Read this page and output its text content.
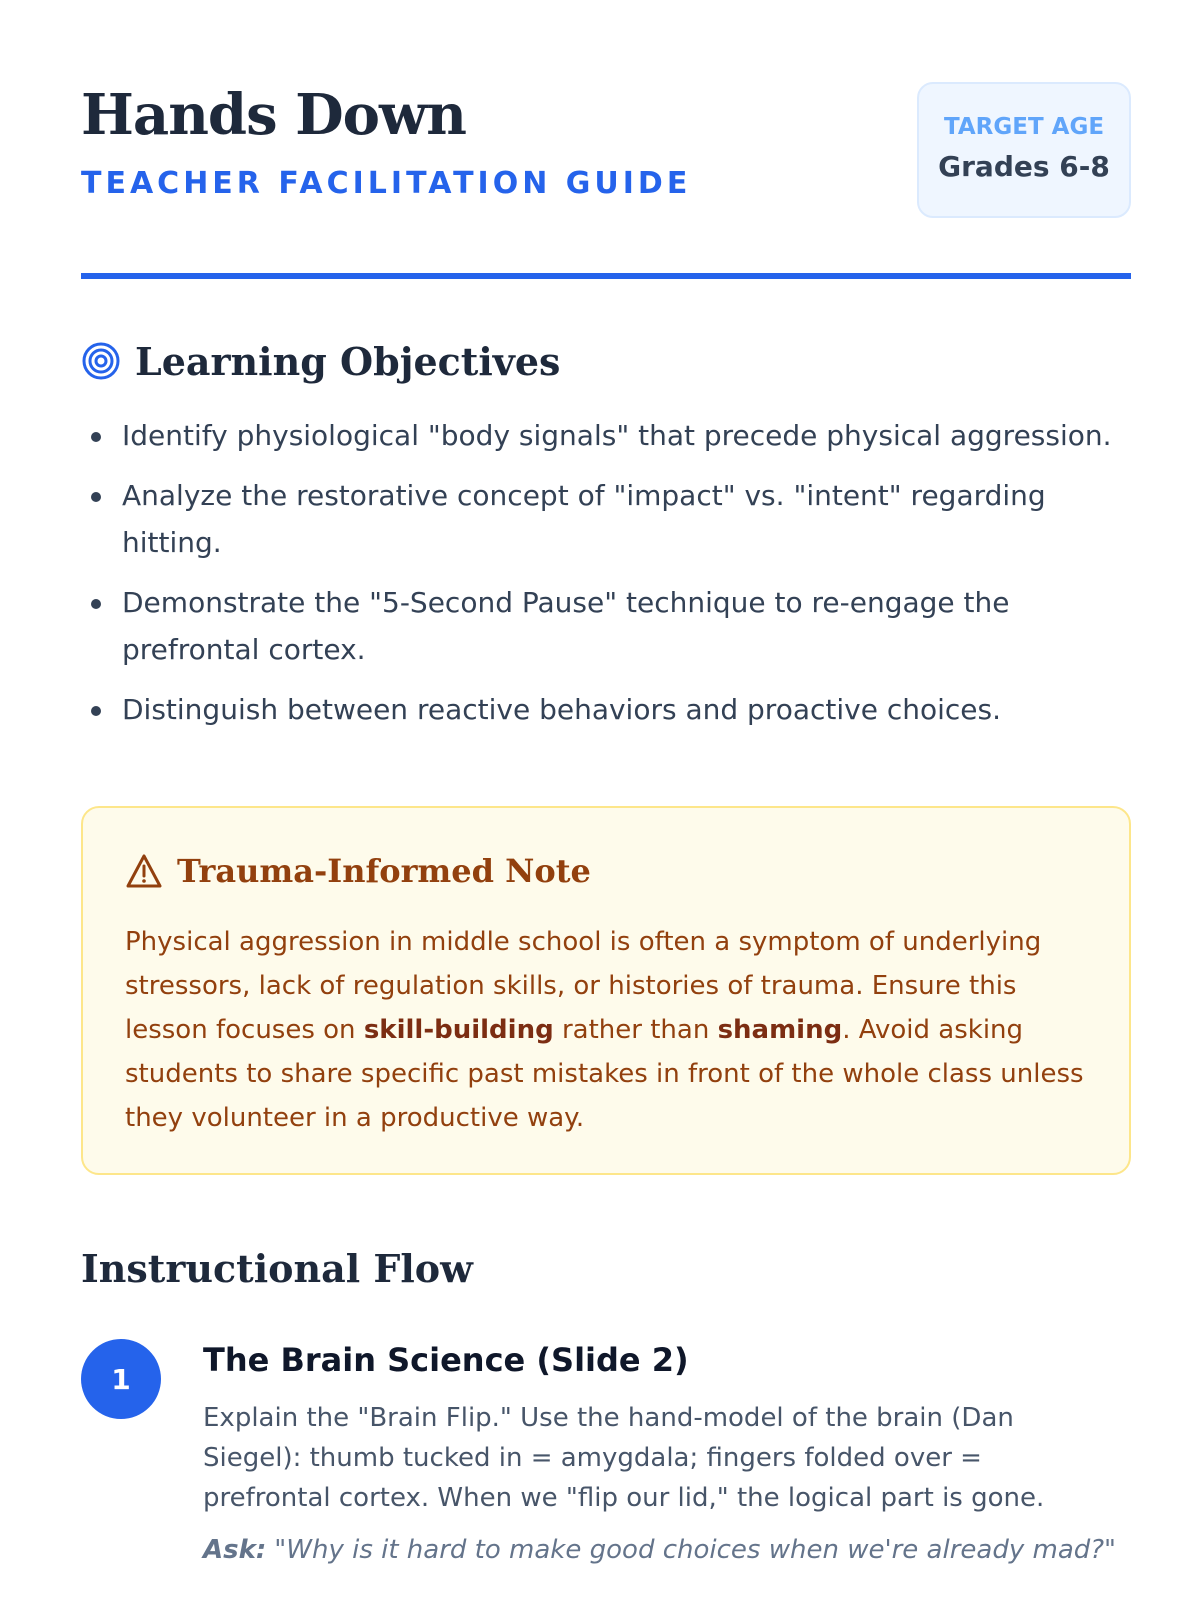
Hands Down
TEACHER FACILITATION GUIDE
TARGET AGE
Grades 6-8
Learning Objectives
Identify physiological "body signals" that precede physical aggression.
Analyze the restorative concept of "impact" vs. "intent" regarding hitting.
Demonstrate the "5-Second Pause" technique to re-engage the prefrontal cortex.
Distinguish between reactive behaviors and proactive choices.
Trauma-Informed Note

Physical aggression in middle school is often a symptom of underlying stressors, lack of regulation skills, or histories of trauma. Ensure this lesson focuses on skill-building rather than shaming. Avoid asking students to share specific past mistakes in front of the whole class unless they volunteer in a productive way.

Instructional Flow
1	The Brain Science (Slide 2)

Explain the "Brain Flip." Use the hand-model of the brain (Dan Siegel): thumb tucked in = amygdala; fingers folded over = prefrontal cortex. When we "flip our lid," the logical part is gone.

Ask: "Why is it hard to make good choices when we're already mad?"
